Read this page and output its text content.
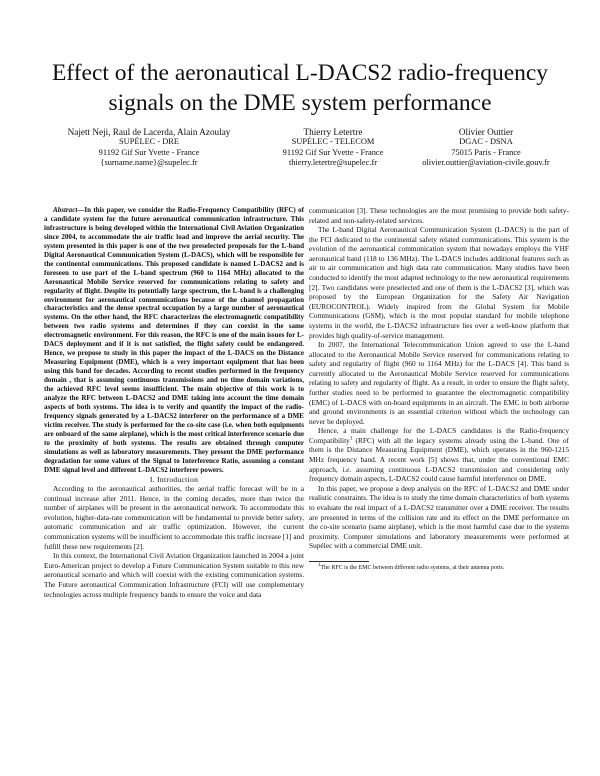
Effect of the aeronautical L-DACS2 radio-frequency signals on the DME system performance
Najett Neji, Raul de Lacerda, Alain Azoulay
SUPÉLEC - DRE
91192 Gif Sur Yvette - France
{surname.name}@supelec.fr
Thierry Letertre
SUPÉLEC - TELECOM
91192 Gif Sur Yvette - France
thierry.letertre@supelec.fr
Olivier Outtier
DGAC - DSNA
75015 Paris - France
olivier.outtier@aviation-civile.gouv.fr

Abstract—In this paper, we consider the Radio-Frequency Compatibility (RFC) of a candidate system for the future aeronautical communication infrastructure. This infrastructure is being developed within the International Civil Aviation Organization since 2004, to accommodate the air traffic load and improve the aerial security. The system presented in this paper is one of the two preselected proposals for the L-band Digital Aeronautical Communication System (L-DACS), which will be responsible for the continental communications. This proposed candidate is named L-DACS2 and is foreseen to use part of the L-band spectrum (960 to 1164 MHz) allocated to the Aeronautical Mobile Service reserved for communications relating to safety and regularity of flight. Despite its potentially large spectrum, the L-band is a challenging environment for aeronautical communications because of the channel propagation characteristics and the dense spectral occupation by a large number of aeronautical systems. On the other hand, the RFC characterizes the electromagnetic compatibility between two radio systems and determines if they can coexist in the same electromagnetic environment. For this reason, the RFC is one of the main issues for L-DACS deployment and if it is not satisfied, the flight safety could be endangered. Hence, we propose to study in this paper the impact of the L-DACS on the Distance Measuring Equipment (DME), which is a very important equipment that has been using this band for decades. According to recent studies performed in the frequency domain , that is assuming continuous transmissions and no time domain variations, the achieved RFC level seems insufficient. The main objective of this work is to analyze the RFC between L-DACS2 and DME taking into account the time domain aspects of both systems. The idea is to verify and quantify the impact of the radio-frequency signals generated by a L-DACS2 interferer on the performance of a DME victim receiver. The study is performed for the co-site case (i.e. when both equipments are onboard of the same airplane), which is the most critical interference scenario due to the proximity of both systems. The results are obtained through computer simulations as well as laboratory measurements. They present the DME performance degradation for some values of the Signal to Interference Ratio, assuming a constant DME signal level and different L-DACS2 interferer powers.

I. Introduction

According to the aeronautical authorities, the aerial traffic forecast will be in a continual increase after 2011. Hence, in the coming decades, more than twice the number of airplanes will be present in the aeronautical network. To accommodate this evolution, higher-data-rate communication will be fundamental to provide better safety, automatic communication and air traffic optimization. However, the current communication systems will be insufficient to accommodate this traffic increase [1] and fulfill these new requirements [2].

In this context, the International Civil Aviation Organization launched in 2004 a joint Euro-American project to develop a Future Communication System suitable to this new aeronautical scenario and which will coexist with the existing communication systems. The Future aeronautical Communication Infrastructure (FCI) will use complementary technologies across multiple frequency bands to ensure the voice and data

communication [3]. These technologies are the most promising to provide both safety-related and non-safety-related services.

The L-band Digital Aeronautical Communication System (L-DACS) is the part of the FCI dedicated to the continental safety related communications. This system is the evolution of the aeronautical communication system that nowadays employs the VHF aeronautical band (118 to 136 MHz). The L-DACS includes additional features such as air to air communication and high data rate communication. Many studies have been conducted to identify the most adapted technology to the new aeronautical requirements [2]. Two candidates were preselected and one of them is the L-DACS2 [3], which was proposed by the European Organization for the Safety Air Navigation (EUROCONTROL). Widely inspired from the Global System for Mobile Communications (GSM), which is the most popular standard for mobile telephone systems in the world, the L-DACS2 infrastructure lies over a well-know platform that provides high quality-of-service management.

In 2007, the International Telecommunication Union agreed to use the L-band allocated to the Aeronautical Mobile Service reserved for communications relating to safety and regularity of flight (960 to 1164 MHz) for the L-DACS [4]. This band is currently allocated to the Aeronautical Mobile Service reserved for communications relating to safety and regularity of flight. As a result, in order to ensure the flight safety, further studies need to be performed to guarantee the electromagnetic compatibility (EMC) of L-DACS with on-board equipments in an aircraft. The EMC in both airborne and ground environments is an essential criterion without which the technology can never be deployed.

Hence, a main challenge for the L-DACS candidates is the Radio-frequency Compatibility$^1$ (RFC) with all the legacy systems already using the L-band. One of them is the Distance Measuring Equipment (DME), which operates in the 960-1215 MHz frequency band. A recent work [5] shows that, under the conventional EMC approach, i.e. assuming continuous L-DACS2 transmission and considering only frequency domain aspects, L-DACS2 could cause harmful interference on DME.

In this paper, we propose a deep analysis on the RFC of L-DACS2 and DME under realistic constraints. The idea is to study the time domain characteristics of both systems to evaluate the real impact of a L-DACS2 transmitter over a DME receiver. The results are presented in terms of the collision rate and its effect on the DME performance on the co-site scenario (same airplane), which is the most harmful case due to the systems proximity. Computer simulations and laboratory measurements were performed at Supélec with a commercial DME unit.

$^1$The RFC is the EMC between different radio systems, at their antenna ports.
